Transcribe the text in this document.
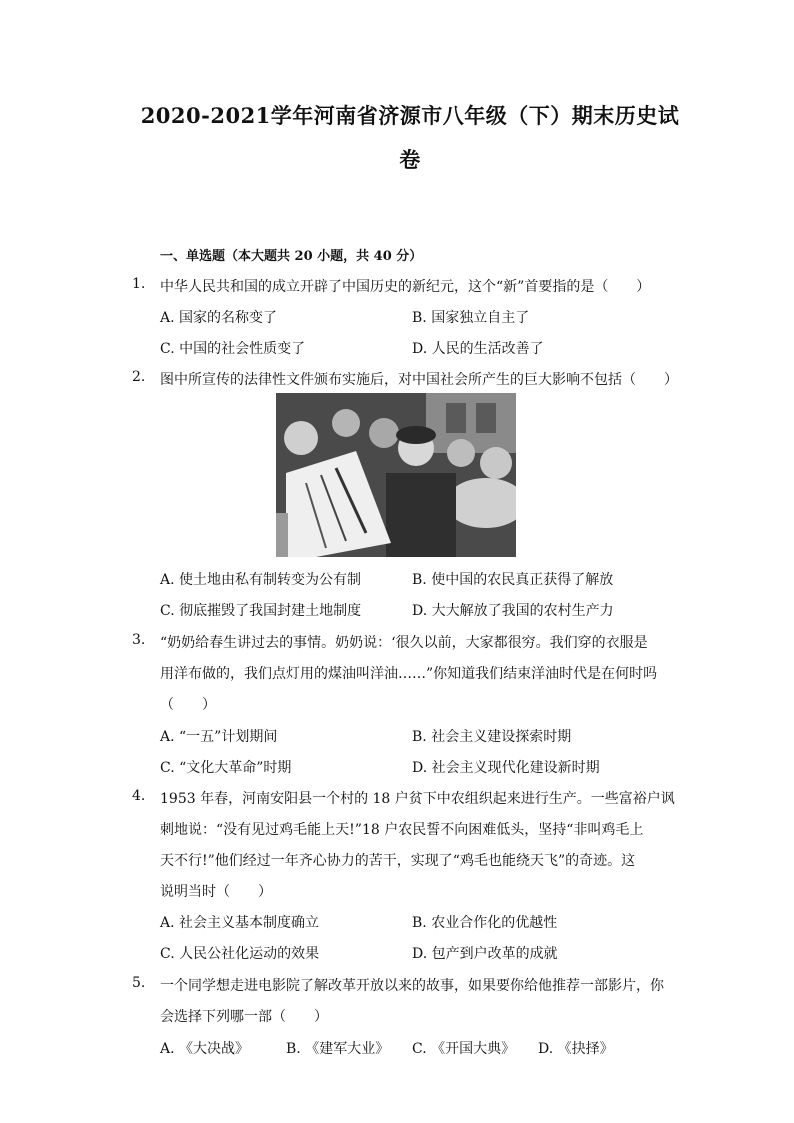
2020-2021学年河南省济源市八年级（下）期末历史试
卷
一、单选题（本大题共 20 小题，共 40 分）
1. 中华人民共和国的成立开辟了中国历史的新纪元，这个“新”首要指的是（　　）
A. 国家的名称变了	B. 国家独立自主了
C. 中国的社会性质变了	D. 人民的生活改善了
2. 图中所宣传的法律性文件颁布实施后，对中国社会所产生的巨大影响不包括（　　）
A. 使土地由私有制转变为公有制	B. 使中国的农民真正获得了解放
C. 彻底摧毁了我国封建土地制度	D. 大大解放了我国的农村生产力
3. “奶奶给春生讲过去的事情。奶奶说：‘很久以前，大家都很穷。我们穿的衣服是
用洋布做的，我们点灯用的煤油叫洋油……”你知道我们结束洋油时代是在何时吗
（　　）
A. “一五”计划期间	B. 社会主义建设探索时期
C. “文化大革命”时期	D. 社会主义现代化建设新时期
4. 1953 年春，河南安阳县一个村的 18 户贫下中农组织起来进行生产。一些富裕户讽
刺地说：“没有见过鸡毛能上天!”18 户农民誓不向困难低头，坚持“非叫鸡毛上
天不行!”他们经过一年齐心协力的苦干，实现了“鸡毛也能绕天飞”的奇迹。这
说明当时（　　）
A. 社会主义基本制度确立	B. 农业合作化的优越性
C. 人民公社化运动的效果	D. 包产到户改革的成就
5. 一个同学想走进电影院了解改革开放以来的故事，如果要你给他推荐一部影片，你
会选择下列哪一部（　　）
A. 《大决战》	B. 《建军大业》 C. 《开国大典》 D. 《抉择》
